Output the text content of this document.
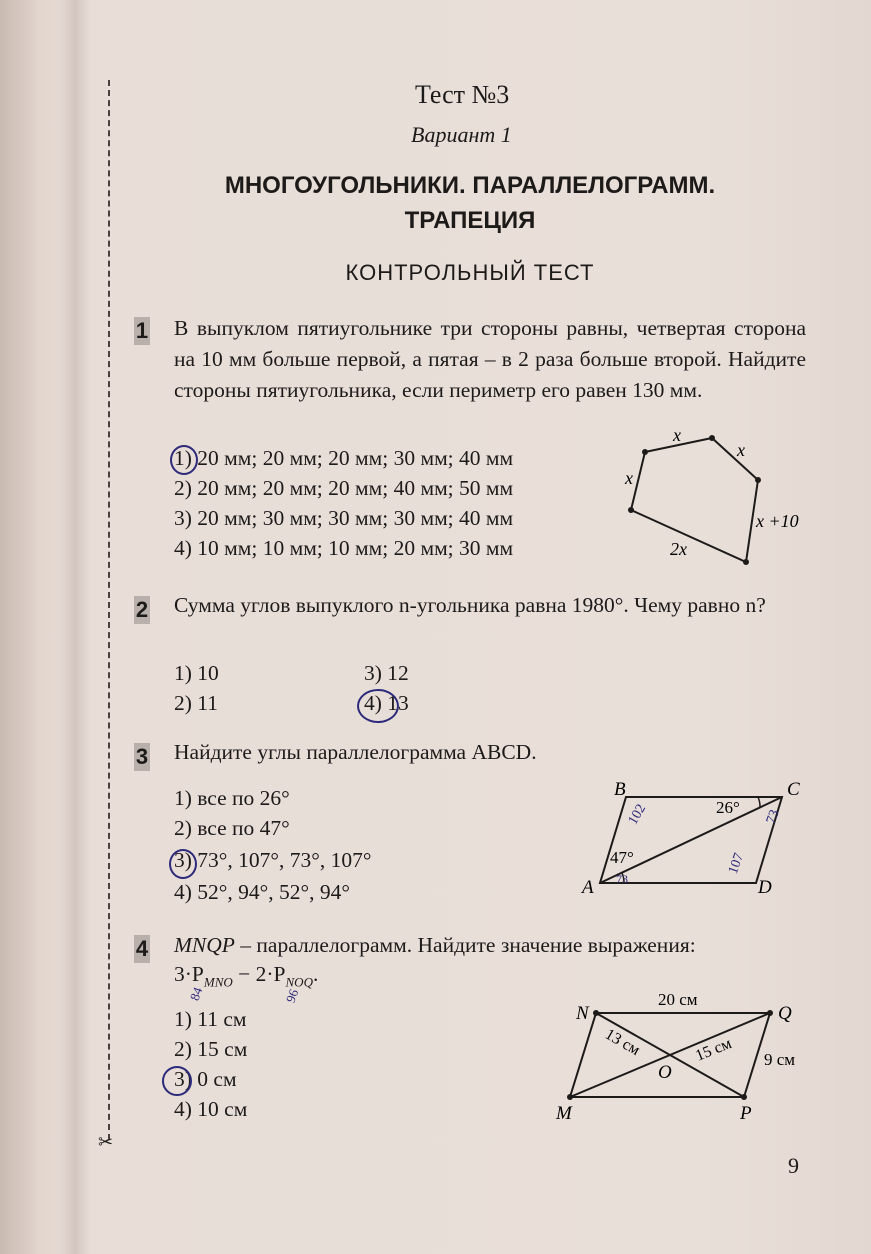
✂
Тест №3
Вариант 1
МНОГОУГОЛЬНИКИ. ПАРАЛЛЕЛОГРАММ.
ТРАПЕЦИЯ
КОНТРОЛЬНЫЙ ТЕСТ
1 В выпуклом пятиугольнике три стороны равны, четвертая сторона на 10 мм больше первой, а пятая – в 2 раза больше второй. Найдите стороны пятиугольника, если периметр его равен 130 мм.
1) 20 мм; 20 мм; 20 мм; 30 мм; 40 мм
2) 20 мм; 20 мм; 20 мм; 40 мм; 50 мм
3) 20 мм; 30 мм; 30 мм; 30 мм; 40 мм
4) 10 мм; 10 мм; 10 мм; 20 мм; 30 мм
x
x
x
x +10
2x
2 Сумма углов выпуклого n-угольника равна 1980°. Чему равно n?
1) 10
2) 11
3) 12
4) 13
3 Найдите углы параллелограмма ABCD.
1) все по 26°
2) все по 47°
3) 73°, 107°, 73°, 107°
4) 52°, 94°, 52°, 94°
B	C
A	D
26°
47°
102	73
107
73
4 MNQP – параллелограмм. Найдите значение выражения:
$3\cdot P_{MNO} - 2\cdot P_{NOQ}$.
84	96
1) 11 см
2) 15 см
3) 0 см
4) 10 см
N	Q
M	P
O
20 см
13 см	15 см 9 см
9
